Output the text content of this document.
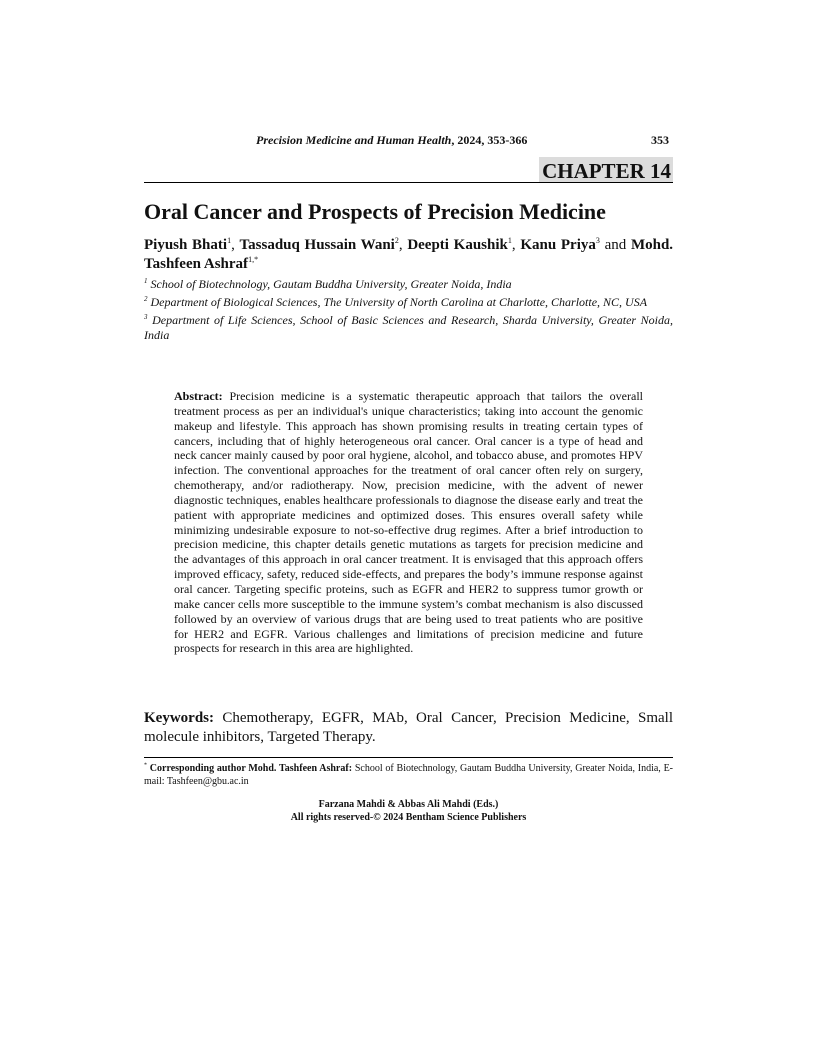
Precision Medicine and Human Health, 2024, 353-366	353
CHAPTER 14
Oral Cancer and Prospects of Precision Medicine
Piyush Bhati$^1$, Tassaduq Hussain Wani$^2$, Deepti Kaushik$^1$, Kanu Priya$^3$ and Mohd. Tashfeen Ashraf$^{1,*}$
$^1$ School of Biotechnology, Gautam Buddha University, Greater Noida, India
$^2$ Department of Biological Sciences, The University of North Carolina at Charlotte, Charlotte, NC, USA
$^3$ Department of Life Sciences, School of Basic Sciences and Research, Sharda University, Greater Noida, India
Abstract: Precision medicine is a systematic therapeutic approach that tailors the overall treatment process as per an individual's unique characteristics; taking into account the genomic makeup and lifestyle. This approach has shown promising results in treating certain types of cancers, including that of highly heterogeneous oral cancer. Oral cancer is a type of head and neck cancer mainly caused by poor oral hygiene, alcohol, and tobacco abuse, and promotes HPV infection. The conventional approaches for the treatment of oral cancer often rely on surgery, chemotherapy, and/or radiotherapy. Now, precision medicine, with the advent of newer diagnostic techniques, enables healthcare professionals to diagnose the disease early and treat the patient with appropriate medicines and optimized doses. This ensures overall safety while minimizing undesirable exposure to not-so-effective drug regimes. After a brief introduction to precision medicine, this chapter details genetic mutations as targets for precision medicine and the advantages of this approach in oral cancer treatment. It is envisaged that this approach offers improved efficacy, safety, reduced side-effects, and prepares the body’s immune response against oral cancer. Targeting specific proteins, such as EGFR and HER2 to suppress tumor growth or make cancer cells more susceptible to the immune system’s combat mechanism is also discussed followed by an overview of various drugs that are being used to treat patients who are positive for HER2 and EGFR. Various challenges and limitations of precision medicine and future prospects for research in this area are highlighted.
Keywords: Chemotherapy, EGFR, MAb, Oral Cancer, Precision Medicine, Small molecule inhibitors, Targeted Therapy.
* Corresponding author Mohd. Tashfeen Ashraf: School of Biotechnology, Gautam Buddha University, Greater Noida, India, E-mail: Tashfeen@gbu.ac.in
Farzana Mahdi & Abbas Ali Mahdi (Eds.)
All rights reserved-© 2024 Bentham Science Publishers
